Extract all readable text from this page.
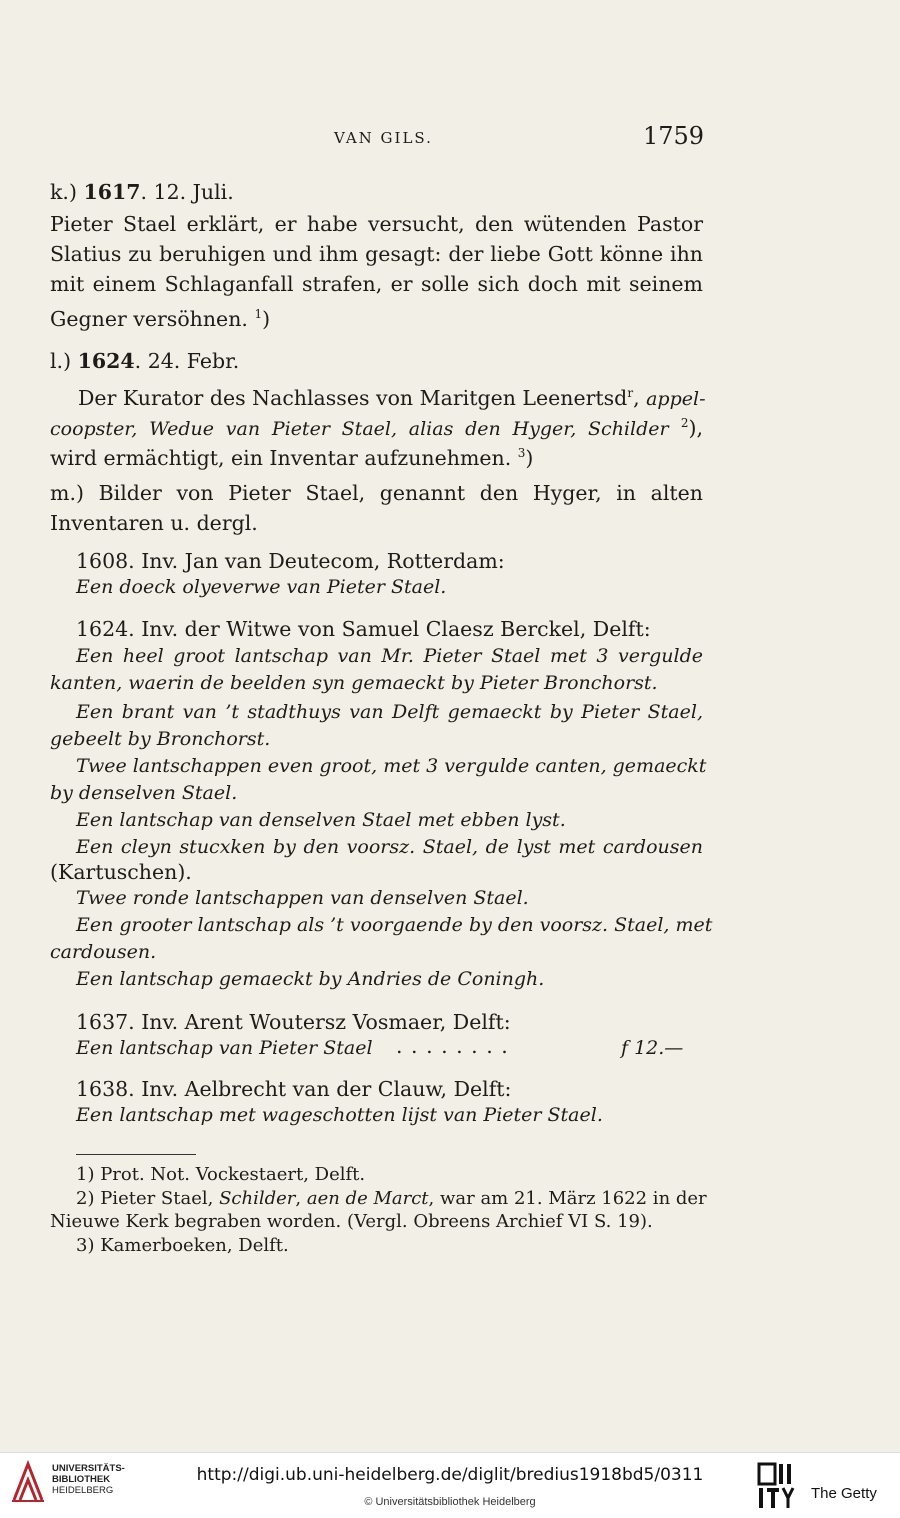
VAN GILS.	1759
k.) 1617. 12. Juli.
Pieter Stael erklärt, er habe versucht, den wütenden Pastor
Slatius zu beruhigen und ihm gesagt: der liebe Gott könne ihn
mit einem Schlaganfall strafen, er solle sich doch mit seinem
Gegner versöhnen. $^1$)
l.) 1624. 24. Febr.
Der Kurator des Nachlasses von Maritgen Leenertsd$^r$, appel-
coopster, Wedue van Pieter Stael, alias den Hyger, Schilder $^2$),
wird ermächtigt, ein Inventar aufzunehmen. $^3$)
m.) Bilder von Pieter Stael, genannt den Hyger, in alten
Inventaren u. dergl.
1608. Inv. Jan van Deutecom, Rotterdam:
Een doeck olyeverwe van Pieter Stael.
1624. Inv. der Witwe von Samuel Claesz Berckel, Delft:
Een heel groot lantschap van Mr. Pieter Stael met 3 vergulde
kanten, waerin de beelden syn gemaeckt by Pieter Bronchorst.
Een brant van ’t stadthuys van Delft gemaeckt by Pieter Stael,
gebeelt by Bronchorst.
Twee lantschappen even groot, met 3 vergulde canten, gemaeckt
by denselven Stael.
Een lantschap van denselven Stael met ebben lyst.
Een cleyn stucxken by den voorsz. Stael, de lyst met cardousen
(Kartuschen).
Twee ronde lantschappen van denselven Stael.
Een grooter lantschap als ’t voorgaende by den voorsz. Stael, met
cardousen.
Een lantschap gemaeckt by Andries de Coningh.
1637. Inv. Arent Woutersz Vosmaer, Delft:
Een lantschap van Pieter Stael . . . . . . . .	f 12.—
1638. Inv. Aelbrecht van der Clauw, Delft:
Een lantschap met wageschotten lijst van Pieter Stael.
1) Prot. Not. Vockestaert, Delft.
2) Pieter Stael, Schilder, aen de Marct, war am 21. März 1622 in der
Nieuwe Kerk begraben worden. (Vergl. Obreens Archief VI S. 19).
3) Kamerboeken, Delft.
UNIVERSITÄTS-
BIBLIOTHEK
HEIDELBERG
http://digi.ub.uni-heidelberg.de/diglit/bredius1918bd5/0311
© Universitätsbibliothek Heidelberg	The Getty
